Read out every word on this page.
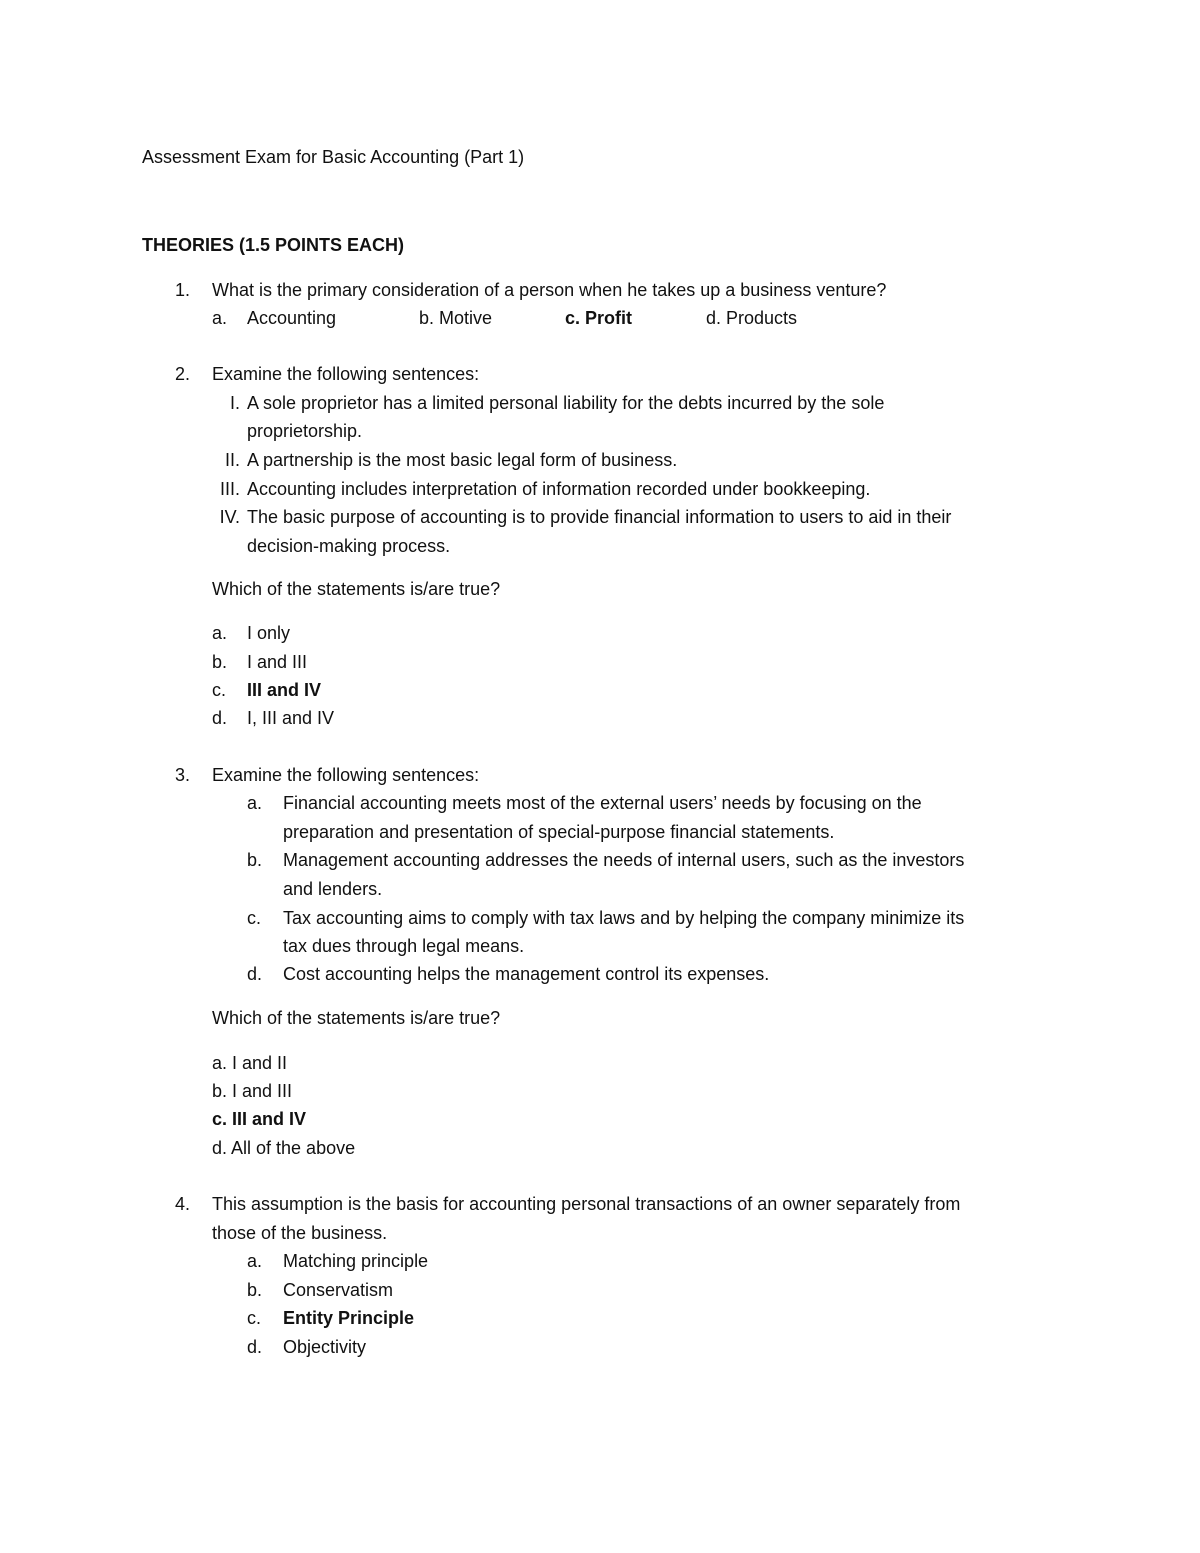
Assessment Exam for Basic Accounting (Part 1)
THEORIES (1.5 POINTS EACH)
1. What is the primary consideration of a person when he takes up a business venture?
a. Accounting	b. Motive	c. Profit	d. Products
2. Examine the following sentences:
I. A sole proprietor has a limited personal liability for the debts incurred by the sole
proprietorship.
II. A partnership is the most basic legal form of business.
III. Accounting includes interpretation of information recorded under bookkeeping.
IV. The basic purpose of accounting is to provide financial information to users to aid in their
decision-making process.
Which of the statements is/are true?
a. I only
b. I and III
c. III and IV
d. I, III and IV
3. Examine the following sentences:
a. Financial accounting meets most of the external users’ needs by focusing on the
preparation and presentation of special-purpose financial statements.
b. Management accounting addresses the needs of internal users, such as the investors
and lenders.
c. Tax accounting aims to comply with tax laws and by helping the company minimize its
tax dues through legal means.
d. Cost accounting helps the management control its expenses.
Which of the statements is/are true?
a. I and II
b. I and III
c. III and IV
d. All of the above
4. This assumption is the basis for accounting personal transactions of an owner separately from
those of the business.
a. Matching principle
b. Conservatism
c. Entity Principle
d. Objectivity
